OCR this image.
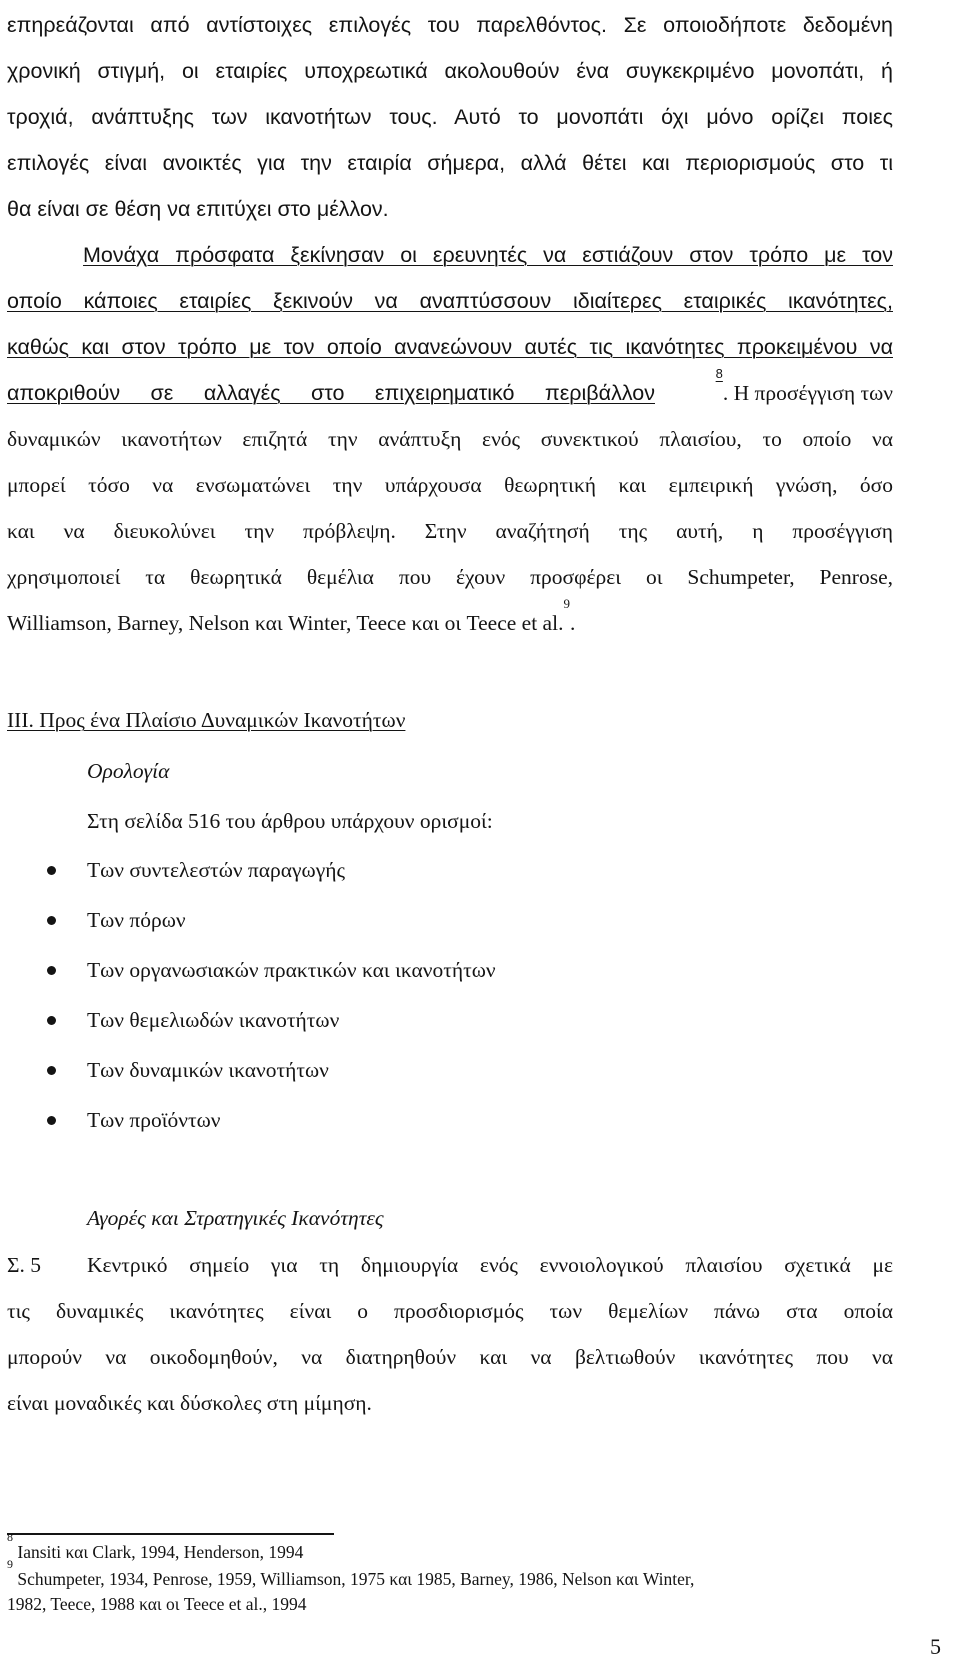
επηρεάζονται από αντίστοιχες επιλογές του παρελθόντος. Σε οποιοδήποτε δεδομένη
χρονική στιγμή, οι εταιρίες υποχρεωτικά ακολουθούν ένα συγκεκριμένο μονοπάτι, ή
τροχιά, ανάπτυξης των ικανοτήτων τους. Αυτό το μονοπάτι όχι μόνο ορίζει ποιες
επιλογές είναι ανοικτές για την εταιρία σήμερα, αλλά θέτει και περιορισμούς στο τι
θα είναι σε θέση να επιτύχει στο μέλλον.
Μονάχα πρόσφατα ξεκίνησαν οι ερευνητές να εστιάζουν στον τρόπο με τον
οποίο κάποιες εταιρίες ξεκινούν να αναπτύσσουν ιδιαίτερες εταιρικές ικανότητες,
καθώς και στον τρόπο με τον οποίο ανανεώνουν αυτές τις ικανότητες προκειμένου να
αποκριθούν σε αλλαγές στο επιχειρηματικό περιβάλλον
$^8$. Η προσέγγιση των
δυναμικών ικανοτήτων επιζητά την ανάπτυξη ενός συνεκτικού πλαισίου, το οποίο να
μπορεί τόσο να ενσωματώνει την υπάρχουσα θεωρητική και εμπειρική γνώση, όσο
και να διευκολύνει την πρόβλεψη. Στην αναζήτησή της αυτή, η προσέγγιση
χρησιμοποιεί τα θεωρητικά θεμέλια που έχουν προσφέρει οι Schumpeter, Penrose,
Williamson, Barney, Nelson και Winter, Teece και οι Teece et al.$^9$.
III. Προς ένα Πλαίσιο Δυναμικών Ικανοτήτων
Ορολογία
Στη σελίδα 516 του άρθρου υπάρχουν ορισμοί:
Των συντελεστών παραγωγής
Των πόρων
Των οργανωσιακών πρακτικών και ικανοτήτων
Των θεμελιωδών ικανοτήτων
Των δυναμικών ικανοτήτων
Των προϊόντων
Αγορές και Στρατηγικές Ικανότητες
Σ. 5 Κεντρικό σημείο για τη δημιουργία ενός εννοιολογικού πλαισίου σχετικά με
τις δυναμικές ικανότητες είναι ο προσδιορισμός των θεμελίων πάνω στα οποία
μπορούν να οικοδομηθούν, να διατηρηθούν και να βελτιωθούν ικανότητες που να
είναι μοναδικές και δύσκολες στη μίμηση.
$^8$ Iansiti και Clark, 1994, Henderson, 1994
$^9$ Schumpeter, 1934, Penrose, 1959, Williamson, 1975 και 1985, Barney, 1986, Nelson και Winter,
1982, Teece, 1988 και οι Teece et al., 1994
5
